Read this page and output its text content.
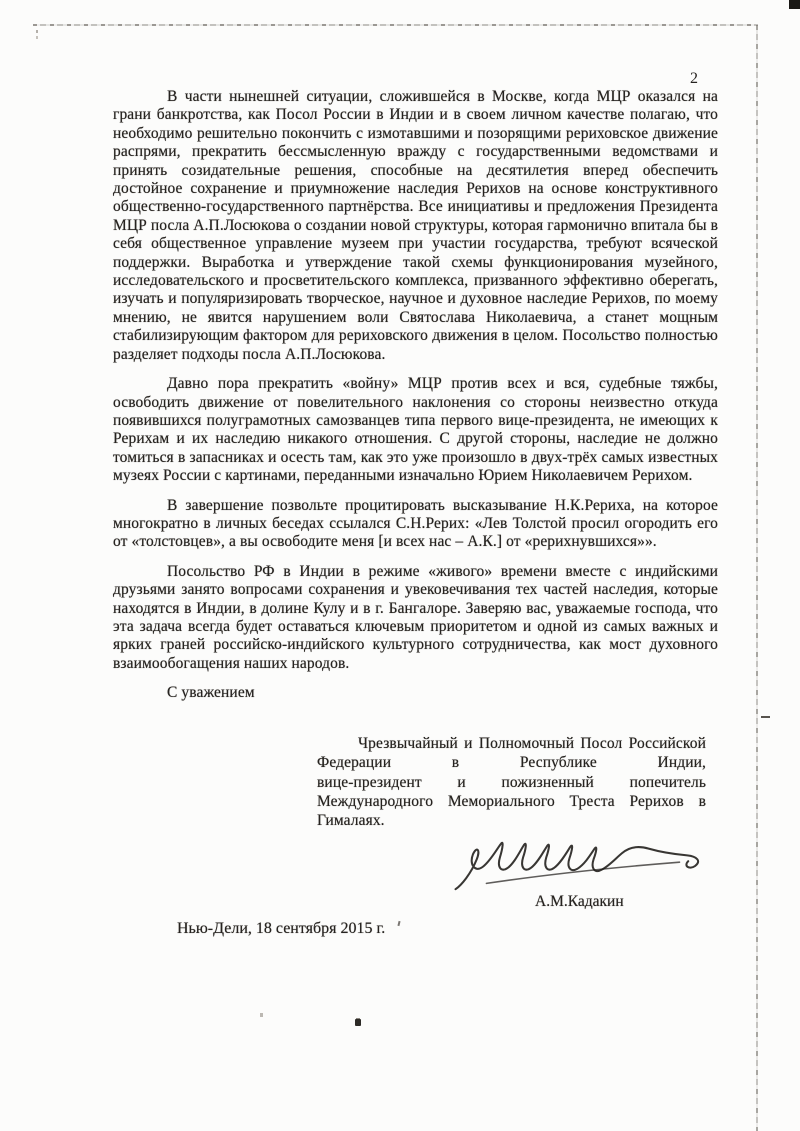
2

В части нынешней ситуации, сложившейся в Москве, когда МЦР оказался на грани банкротства, как Посол России в Индии и в своем личном качестве полагаю, что необходимо решительно покончить с измотавшими и позорящими рериховское движение распрями, прекратить бессмысленную вражду с государственными ведомствами и принять созидательные решения, способные на десятилетия вперед обеспечить достойное сохранение и приумножение наследия Рерихов на основе конструктивного общественно-государственного партнёрства. Все инициативы и предложения Президента МЦР посла А.П.Лосюкова о создании новой структуры, которая гармонично впитала бы в себя общественное управление музеем при участии государства, требуют всяческой поддержки. Выработка и утверждение такой схемы функционирования музейного, исследовательского и просветительского комплекса, призванного эффективно оберегать, изучать и популяризировать творческое, научное и духовное наследие Рерихов, по моему мнению, не явится нарушением воли Святослава Николаевича, а станет мощным стабилизирующим фактором для рериховского движения в целом. Посольство полностью разделяет подходы посла А.П.Лосюкова.

Давно пора прекратить «войну» МЦР против всех и вся, судебные тяжбы, освободить движение от повелительного наклонения со стороны неизвестно откуда появившихся полуграмотных самозванцев типа первого вице-президента, не имеющих к Рерихам и их наследию никакого отношения. С другой стороны, наследие не должно томиться в запасниках и осесть там, как это уже произошло в двух-трёх самых известных музеях России с картинами, переданными изначально Юрием Николаевичем Рерихом.

В завершение позвольте процитировать высказывание Н.К.Рериха, на которое многократно в личных беседах ссылался С.Н.Рерих: «Лев Толстой просил огородить его от «толстовцев», а вы освободите меня [и всех нас – А.К.] от «рерихнувшихся»».

Посольство РФ в Индии в режиме «живого» времени вместе с индийскими друзьями занято вопросами сохранения и увековечивания тех частей наследия, которые находятся в Индии, в долине Кулу и в г. Бангалоре. Заверяю вас, уважаемые господа, что эта задача всегда будет оставаться ключевым приоритетом и одной из самых важных и ярких граней российско-индийского культурного сотрудничества, как мост духовного взаимообогащения наших народов.

С уважением

Чрезвычайный и Полномочный Посол Российской
Федерации в Республике Индии,
вице-президент и пожизненный попечитель
Международного Мемориального Треста Рерихов в
Гималаях.
А.М.Кадакин
Нью-Дели, 18 сентября 2015 г.
